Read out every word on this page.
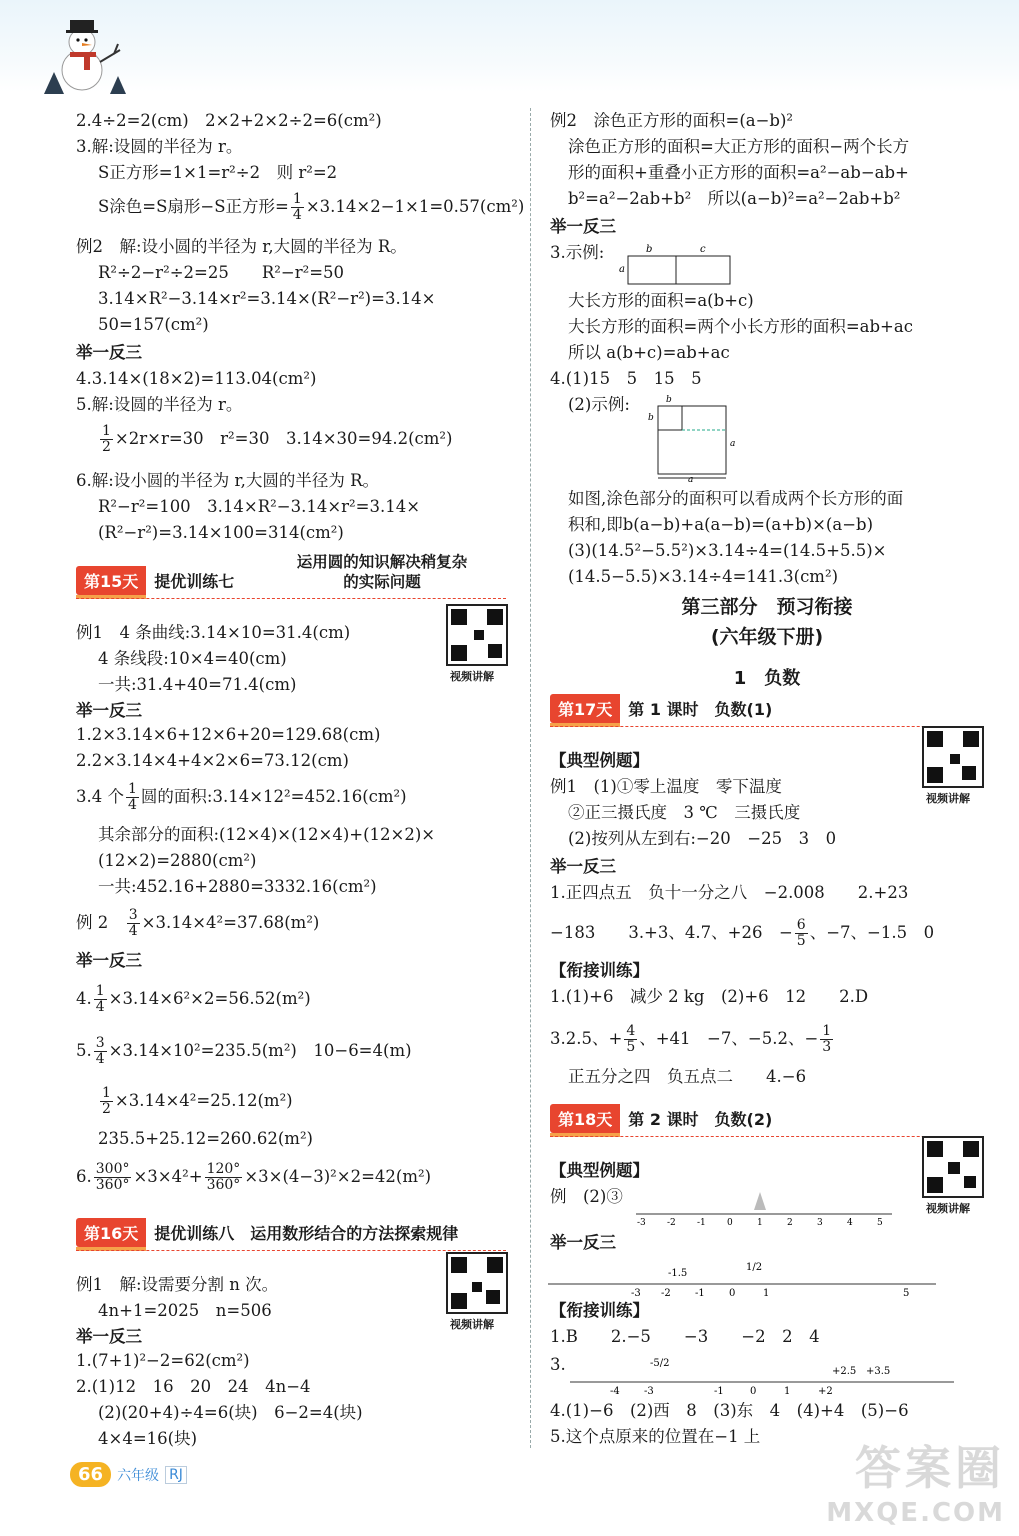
2.4÷2=2(cm)　2×2+2×2÷2=6(cm²)
3.解:设圆的半径为 r。
S正方形=1×1=r²÷2　则 r²=2
S涂色=S扇形−S正方形= $\frac{1}{4} \times 3.14\times 2-1\times 1=0.57(cm^2)$
例2　解:设小圆的半径为 r,大圆的半径为 R。
R²÷2−r²÷2=25　　R²−r²=50
3.14×R²−3.14×r²=3.14×(R²−r²)=3.14×
50=157(cm²)
举一反三
4.3.14×(18×2)=113.04(cm²)
5.解:设圆的半径为 r。
$\frac{1}{2} \times 2r\times r=30$　r²=30　3.14×30=94.2(cm²)
6.解:设小圆的半径为 r,大圆的半径为 R。
R²−r²=100　3.14×R²−3.14×r²=3.14×
(R²−r²)=3.14×100=314(cm²)
第15天	提优训练七
运用圆的知识解决稍复杂
的实际问题
视频讲解
例1　4 条曲线:3.14×10=31.4(cm)
4 条线段:10×4=40(cm)
一共:31.4+40=71.4(cm)
举一反三
1.2×3.14×6+12×6+20=129.68(cm)
2.2×3.14×4+4×2×6=73.12(cm)
3.4 个 $\frac{1}{4}$ 圆的面积:3.14×12²=452.16(cm²)
其余部分的面积:(12×4)×(12×4)+(12×2)×
(12×2)=2880(cm²)
一共:452.16+2880=3332.16(cm²)
例 2　 $\frac{3}{4} \times 3.14\times 4^2=37.68(m^2)$
举一反三
4. $\frac{1}{4} \times 3.14\times 6^2\times 2=56.52(m^2)$
5. $\frac{3}{4} \times 3.14\times 10^2=235.5(m^2)$　10−6=4(m)
$\frac{1}{2} \times 3.14\times 4^2=25.12(m^2)$
235.5+25.12=260.62(m²)
6. $\frac{300^\circ}{360^\circ} \times 3\times 4^2+ \frac{120^\circ}{360^\circ} \times 3\times(4-3)^2\times 2=42(m^2)$
第16天	提优训练八　运用数形结合的方法探索规律
视频讲解
例1　解:设需要分割 n 次。
4n+1=2025　n=506
举一反三
1.(7+1)²−2=62(cm²)
2.(1)12　16　20　24　4n−4
(2)(20+4)÷4=6(块)　6−2=4(块)
4×4=16(块)
例2　涂色正方形的面积=(a−b)²
涂色正方形的面积=大正方形的面积−两个长方
形的面积+重叠小正方形的面积=a²−ab−ab+
b²=a²−2ab+b²　所以(a−b)²=a²−2ab+b²
举一反三
3.示例:	b	c
a
大长方形的面积=a(b+c)
大长方形的面积=两个小长方形的面积=ab+ac
所以 a(b+c)=ab+ac
4.(1)15　5　15　5
(2)示例:	b
b
a
a
如图,涂色部分的面积可以看成两个长方形的面
积和,即b(a−b)+a(a−b)=(a+b)×(a−b)
(3)(14.5²−5.5²)×3.14÷4=(14.5+5.5)×
(14.5−5.5)×3.14÷4=141.3(cm²)
第三部分　预习衔接
(六年级下册)
1　负数
第17天	第 1 课时　负数(1)
视频讲解
【典型例题】
例1　(1)①零上温度　零下温度
②正三摄氏度　3 ℃　三摄氏度
(2)按列从左到右:−20　−25　3　0
举一反三
1.正四点五　负十一分之八　−2.008　　2.+23
−183　　3.+3、4.7、+26　− $\frac{6}{5}$ 、−7、−1.5　0
【衔接训练】
1.(1)+6　减少 2 kg　(2)+6　12　　2.D
3.2.5、+ $\frac{4}{5}$ 、+41　−7、−5.2、− $\frac{1}{3}$
正五分之四　负五点二　　4.−6
第18天	第 2 课时　负数(2)
视频讲解
【典型例题】
例　(2)③
举一反三
【衔接训练】
1.B　　2.−5　　−3　　−2　2　4
3.
4.(1)−6　(2)西　8　(3)东　4　(4)+4　(5)−6
5.这个点原来的位置在−1 上
-3 -2 -1 0	1	2	3	4	5
-3 -2 -1 0	1	5
-1.5
1/2
-4 -3	-1	0	1	+2
-5/2
+2.5 +3.5
66	六年级 RJ	答案圈
MXQE.COM
